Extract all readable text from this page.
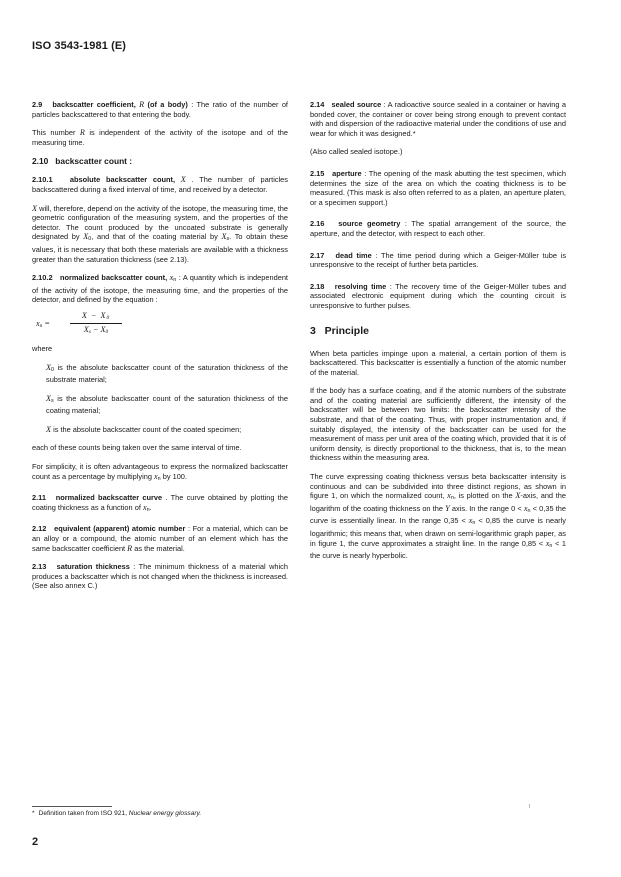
ISO 3543-1981 (E)

2.9 backscatter coefficient, R (of a body) : The ratio of the number of particles backscattered to that entering the body.

This number R is independent of the activity of the isotope and of the measuring time.

2.10 backscatter count :

2.10.1 absolute backscatter count, X . The number of particles backscattered during a fixed interval of time, and received by a detector.

X will, therefore, depend on the activity of the isotope, the measuring time, the geometric configuration of the measuring system, and the properties of the detector. The count produced by the uncoated substrate is generally designated by X0, and that of the coating material by Xs. To obtain these values, it is necessary that both these materials are available with a thickness greater than the saturation thickness (see 2.13).

2.10.2 normalized backscatter count, xn : A quantity which is independent of the activity of the isotope, the measuring time, and the properties of the detector, and defined by the equation :

xn =
X − X0
Xs − X0

where

X0 is the absolute backscatter count of the saturation thickness of the substrate material;

Xs is the absolute backscatter count of the saturation thickness of the coating material;

X is the absolute backscatter count of the coated specimen;

each of these counts being taken over the same interval of time.

For simplicity, it is often advantageous to express the normalized backscatter count as a percentage by multiplying xn by 100.

2.11 normalized backscatter curve . The curve obtained by plotting the coating thickness as a function of xn.

2.12 equivalent (apparent) atomic number : For a material, which can be an alloy or a compound, the atomic number of an element which has the same backscatter coefficient R as the material.

2.13 saturation thickness : The minimum thickness of a material which produces a backscatter which is not changed when the thickness is increased. (See also annex C.)

2.14 sealed source : A radioactive source sealed in a container or having a bonded cover, the container or cover being strong enough to prevent contact with and dispersion of the radioactive material under the conditions of use and wear for which it was designed.*

(Also called sealed isotope.)

2.15 aperture : The opening of the mask abutting the test specimen, which determines the size of the area on which the coating thickness is to be measured. (This mask is also often referred to as a platen, an aperture platen, or a specimen support.)

2.16 source geometry : The spatial arrangement of the source, the aperture, and the detector, with respect to each other.

2.17 dead time : The time period during which a Geiger-Müller tube is unresponsive to the receipt of further beta particles.

2.18 resolving time : The recovery time of the Geiger-Müller tubes and associated electronic equipment during which the counting circuit is unresponsive to further pulses.

3 Principle

When beta particles impinge upon a material, a certain portion of them is backscattered. This backscatter is essentially a function of the atomic number of the material.

If the body has a surface coating, and if the atomic numbers of the substrate and of the coating material are sufficiently different, the intensity of the backscatter will be between two limits: the backscatter intensity of the substrate, and that of the coating. Thus, with proper instrumentation and, if suitably displayed, the intensity of the backscatter can be used for the measurement of mass per unit area of the coating which, provided that it is of uniform density, is directly proportional to the thickness, that is, to the mean thickness within the measuring area.

The curve expressing coating thickness versus beta backscatter intensity is continuous and can be subdivided into three distinct regions, as shown in figure 1, on which the normalized count, xn, is plotted on the X-axis, and the logarithm of the coating thickness on the Y axis. In the range 0 < xn < 0,35 the curve is essentially linear. In the range 0,35 < xn < 0,85 the curve is nearly logarithmic; this means that, when drawn on semi-logarithmic graph paper, as in figure 1, the curve approximates a straight line. In the range 0,85 < xn < 1 the curve is nearly hyperbolic.

* Definition taken from ISO 921, Nuclear energy glossary.
2
